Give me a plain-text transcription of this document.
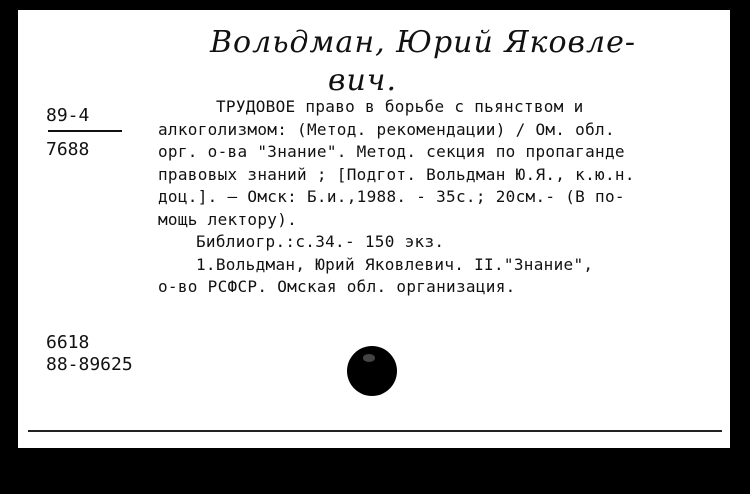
Вольдман, Юрий Яковле-
вич.
89-4
7688

ТРУДОВОЕ право в борьбе с пьянством и

алкоголизмом: (Метод. рекомендации) / Ом. обл.

орг. о-ва "Знание". Метод. секция по пропаганде

правовых знаний ; [Подгот. Вольдман Ю.Я., к.ю.н.

доц.]. — Омск: Б.и.,1988. - 35с.; 20см.- (В по-

мощь лектору).

Библиогр.:с.34.- 150 экз.

1.Вольдман, Юрий Яковлевич. II."Знание",

о-во РСФСР. Омская обл. организация.

6618
88-89625
